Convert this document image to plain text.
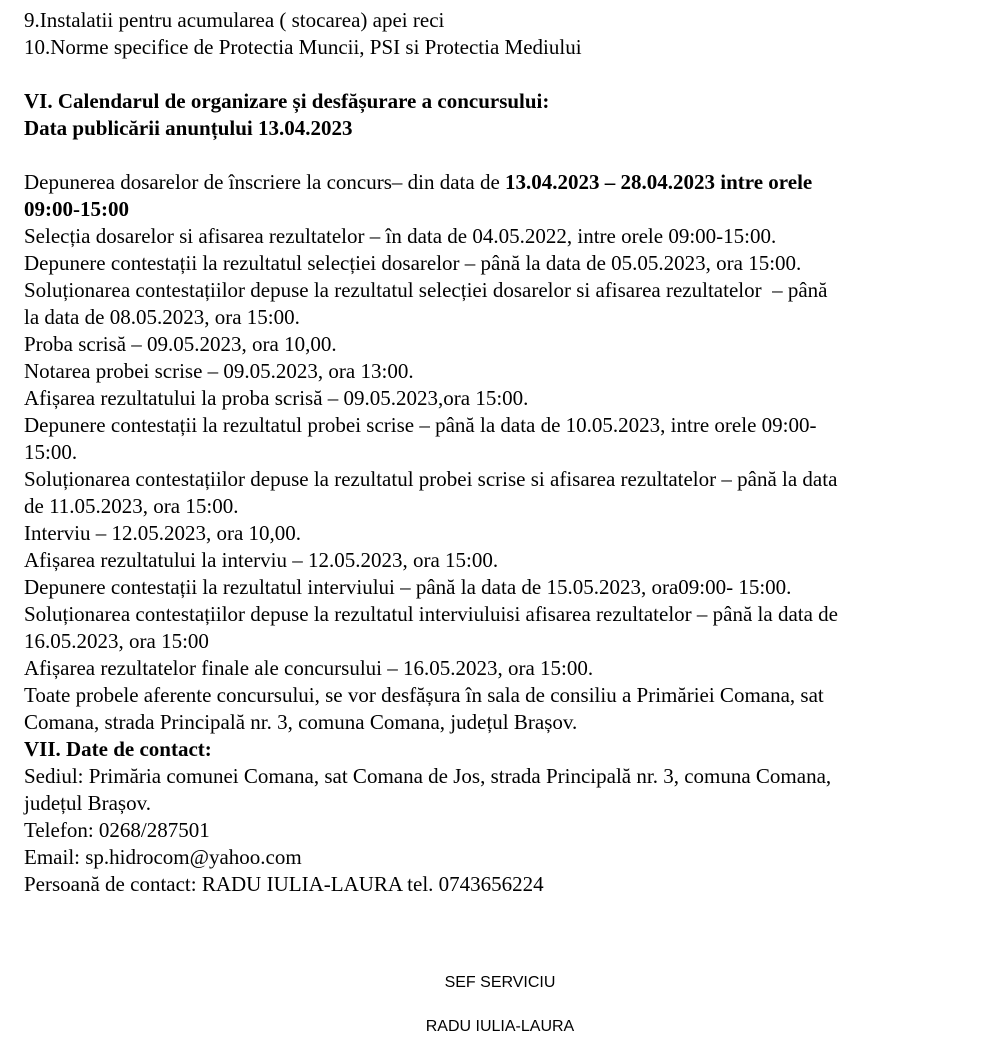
9.Instalatii pentru acumularea ( stocarea) apei reci
10.Norme specifice de Protectia Muncii, PSI si Protectia Mediului
VI. Calendarul de organizare și desfășurare a concursului:
Data publicării anunțului 13.04.2023
Depunerea dosarelor de înscriere la concurs– din data de 13.04.2023 – 28.04.2023 intre orele
09:00-15:00
Selecția dosarelor si afisarea rezultatelor – în data de 04.05.2022, intre orele 09:00-15:00.
Depunere contestații la rezultatul selecției dosarelor – până la data de 05.05.2023, ora 15:00.
Soluționarea contestațiilor depuse la rezultatul selecției dosarelor si afisarea rezultatelor  – până
la data de 08.05.2023, ora 15:00.
Proba scrisă – 09.05.2023, ora 10,00.
Notarea probei scrise – 09.05.2023, ora 13:00.
Afișarea rezultatului la proba scrisă – 09.05.2023,ora 15:00.
Depunere contestații la rezultatul probei scrise – până la data de 10.05.2023, intre orele 09:00-
15:00.
Soluționarea contestațiilor depuse la rezultatul probei scrise si afisarea rezultatelor – până la data
de 11.05.2023, ora 15:00.
Interviu – 12.05.2023, ora 10,00.
Afișarea rezultatului la interviu – 12.05.2023, ora 15:00.
Depunere contestații la rezultatul interviului – până la data de 15.05.2023, ora09:00- 15:00.
Soluționarea contestațiilor depuse la rezultatul interviuluisi afisarea rezultatelor – până la data de
16.05.2023, ora 15:00
Afișarea rezultatelor finale ale concursului – 16.05.2023, ora 15:00.
Toate probele aferente concursului, se vor desfășura în sala de consiliu a Primăriei Comana, sat
Comana, strada Principală nr. 3, comuna Comana, județul Brașov.
VII. Date de contact:
Sediul: Primăria comunei Comana, sat Comana de Jos, strada Principală nr. 3, comuna Comana,
județul Brașov.
Telefon: 0268/287501
Email: sp.hidrocom@yahoo.com
Persoană de contact: RADU IULIA-LAURA tel. 0743656224
SEF SERVICIU
RADU IULIA-LAURA
